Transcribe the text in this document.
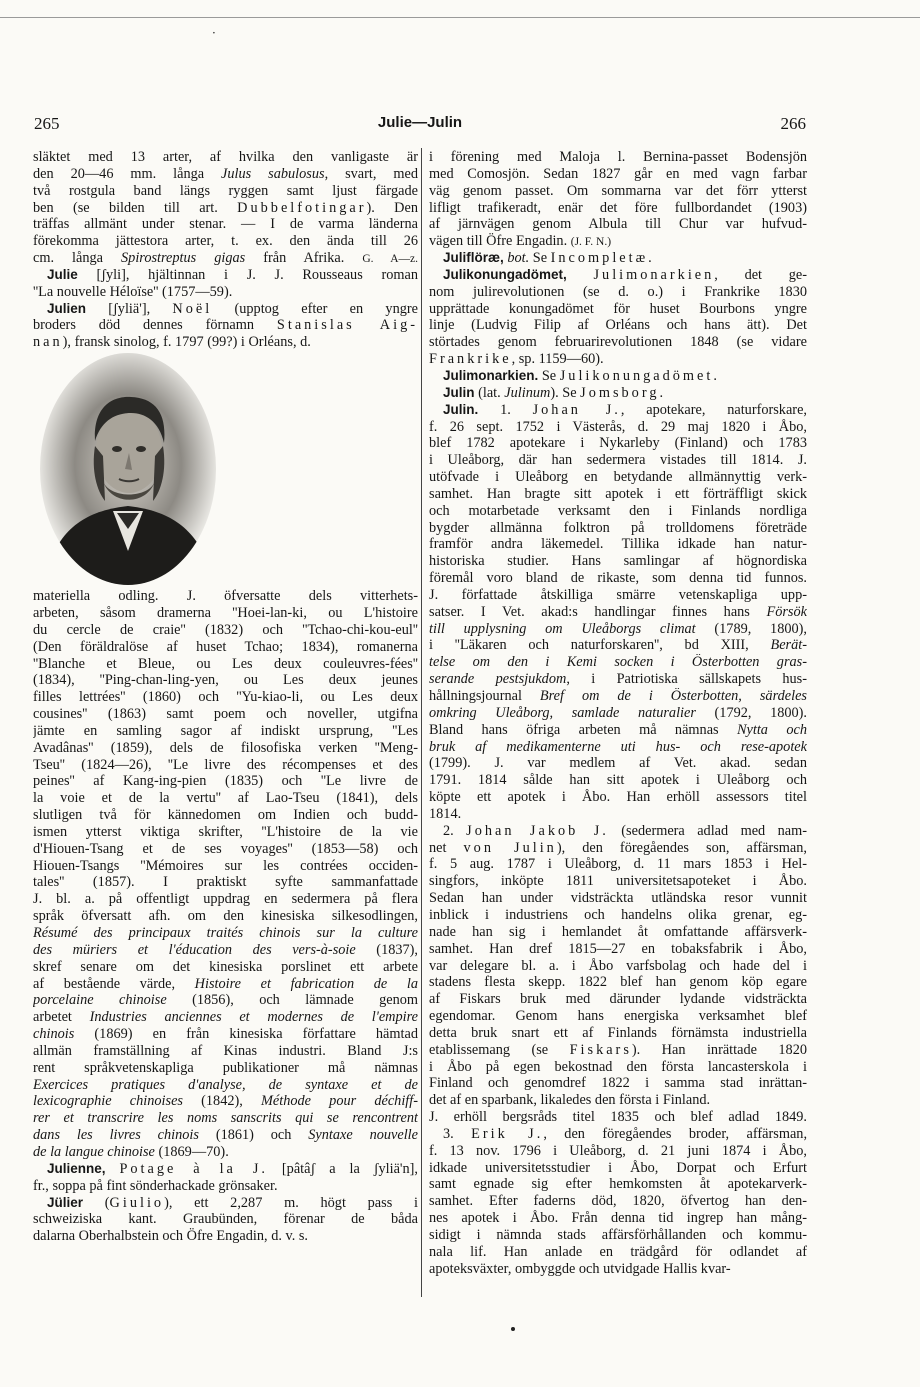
·
265	Julie—Julin	266
släktet med 13 arter, af hvilka den vanligaste är
den 20—46 mm. långa Julus sabulosus, svart, med
två rostgula band längs ryggen samt ljust färgade
ben (se bilden till art. Dubbelfotingar). Den
träffas allmänt under stenar. — I de varma länderna
förekomma jättestora arter, t. ex. den ända till 26
cm. långa Spirostreptus gigas från Afrika. G. A—z.
Julie [ʃyli], hjältinnan i J. J. Rousseaus roman
''La nouvelle Héloïse'' (1757—59).
Julien [ʃyliä'], Noël (upptog efter en yngre
broders död dennes förnamn Stanislas Aig-
nan), fransk sinolog, f. 1797 (99?) i Orléans, d.
materiella odling. J. öfversatte dels vitterhets-
arbeten, såsom dramerna ''Hoei-lan-ki, ou L'histoire
du cercle de craie'' (1832) och ''Tchao-chi-kou-eul''
(Den föräldralöse af huset Tchao; 1834), romanerna
''Blanche et Bleue, ou Les deux couleuvres-fées''
(1834), ''Ping-chan-ling-yen, ou Les deux jeunes
filles lettrées'' (1860) och ''Yu-kiao-li, ou Les deux
cousines'' (1863) samt poem och noveller, utgifna
jämte en samling sagor af indiskt ursprung, ''Les
Avadânas'' (1859), dels de filosofiska verken ''Meng-
Tseu'' (1824—26), ''Le livre des récompenses et des
peines'' af Kang-ing-pien (1835) och ''Le livre de
la voie et de la vertu'' af Lao-Tseu (1841), dels
slutligen två för kännedomen om Indien och budd-
ismen ytterst viktiga skrifter, ''L'histoire de la vie
d'Hiouen-Tsang et de ses voyages'' (1853—58) och
Hiouen-Tsangs ''Mémoires sur les contrées occiden-
tales'' (1857). I praktiskt syfte sammanfattade
J. bl. a. på offentligt uppdrag en sedermera på flera
språk öfversatt afh. om den kinesiska silkesodlingen,
Résumé des principaux traités chinois sur la culture
des müriers et l'éducation des vers-à-soie (1837),
skref senare om det kinesiska porslinet ett arbete
af bestående värde, Histoire et fabrication de la
porcelaine chinoise (1856), och lämnade genom
arbetet Industries anciennes et modernes de l'empire
chinois (1869) en från kinesiska författare hämtad
allmän framställning af Kinas industri. Bland J:s
rent språkvetenskapliga publikationer må nämnas
Exercices pratiques d'analyse, de syntaxe et de
lexicographie chinoises (1842), Méthode pour déchiff-
rer et transcrire les noms sanscrits qui se rencontrent
dans les livres chinois (1861) och Syntaxe nouvelle
de la langue chinoise (1869—70).
Julienne, Potage à la J. [pâtâʃ a la ʃyliä'n],
fr., soppa på fint sönderhackade grönsaker.
Jülier (Giulio), ett 2,287 m. högt pass i
schweiziska kant. Graubünden, förenar de båda
dalarna Oberhalbstein och Öfre Engadin, d. v. s.
i förening med Maloja l. Bernina-passet Bodensjön
med Comosjön. Sedan 1827 går en med vagn farbar
väg genom passet. Om sommarna var det förr ytterst
lifligt trafikeradt, enär det före fullbordandet (1903)
af järnvägen genom Albula till Chur var hufvud-
vägen till Öfre Engadin. (J. F. N.)
Juliflöræ, bot. Se Incompletæ.
Julikonungadömet, Julimonarkien, det ge-
nom julirevolutionen (se d. o.) i Frankrike 1830
upprättade konungadömet för huset Bourbons yngre
linje (Ludvig Filip af Orléans och hans ätt). Det
störtades genom februarirevolutionen 1848 (se vidare
Frankrike, sp. 1159—60).
Julimonarkien. Se Julikonungadömet.
Julin (lat. Julinum). Se Jomsborg.
Julin. 1. Johan J., apotekare, naturforskare,
f. 26 sept. 1752 i Västerås, d. 29 maj 1820 i Åbo,
blef 1782 apotekare i Nykarleby (Finland) och 1783
i Uleåborg, där han sedermera vistades till 1814. J.
utöfvade i Uleåborg en betydande allmännyttig verk-
samhet. Han bragte sitt apotek i ett förträffligt skick
och motarbetade verksamt den i Finlands nordliga
bygder allmänna folktron på trolldomens företräde
framför andra läkemedel. Tillika idkade han natur-
historiska studier. Hans samlingar af högnordiska
föremål voro bland de rikaste, som denna tid funnos.
J. författade åtskilliga smärre vetenskapliga upp-
satser. I Vet. akad:s handlingar finnes hans Försök
till upplysning om Uleåborgs climat (1789, 1800),
i ''Läkaren och naturforskaren'', bd XIII, Berät-
telse om den i Kemi socken i Österbotten gras-
serande pestsjukdom, i Patriotiska sällskapets hus-
hållningsjournal Bref om de i Österbotten, särdeles
omkring Uleåborg, samlade naturalier (1792, 1800).
Bland hans öfriga arbeten må nämnas Nytta och
bruk af medikamenterne uti hus- och rese-apotek
(1799). J. var medlem af Vet. akad. sedan
1791. 1814 sålde han sitt apotek i Uleåborg och
köpte ett apotek i Åbo. Han erhöll assessors titel
1814.
2. Johan Jakob J. (sedermera adlad med nam-
net von Julin), den föregåendes son, affärsman,
f. 5 aug. 1787 i Uleåborg, d. 11 mars 1853 i Hel-
singfors, inköpte 1811 universitetsapoteket i Åbo.
Sedan han under vidsträckta utländska resor vunnit
inblick i industriens och handelns olika grenar, eg-
nade han sig i hemlandet åt omfattande affärsverk-
samhet. Han dref 1815—27 en tobaksfabrik i Åbo,
var delegare bl. a. i Åbo varfsbolag och hade del i
stadens flesta skepp. 1822 blef han genom köp egare
af Fiskars bruk med därunder lydande vidsträckta
egendomar. Genom hans energiska verksamhet blef
detta bruk snart ett af Finlands förnämsta industriella
etablissemang (se Fiskars). Han inrättade 1820
i Åbo på egen bekostnad den första lancasterskola i
Finland och genomdref 1822 i samma stad inrättan-
det af en sparbank, likaledes den första i Finland.
J. erhöll bergsråds titel 1835 och blef adlad 1849.
3. Erik J., den föregåendes broder, affärsman,
f. 13 nov. 1796 i Uleåborg, d. 21 juni 1874 i Åbo,
idkade universitetsstudier i Åbo, Dorpat och Erfurt
samt egnade sig efter hemkomsten åt apotekarverk-
samhet. Efter faderns död, 1820, öfvertog han den-
nes apotek i Åbo. Från denna tid ingrep han mång-
sidigt i nämnda stads affärsförhållanden och kommu-
nala lif. Han anlade en trädgård för odlandet af
apoteksväxter, ombyggde och utvidgade Hallis kvar-
